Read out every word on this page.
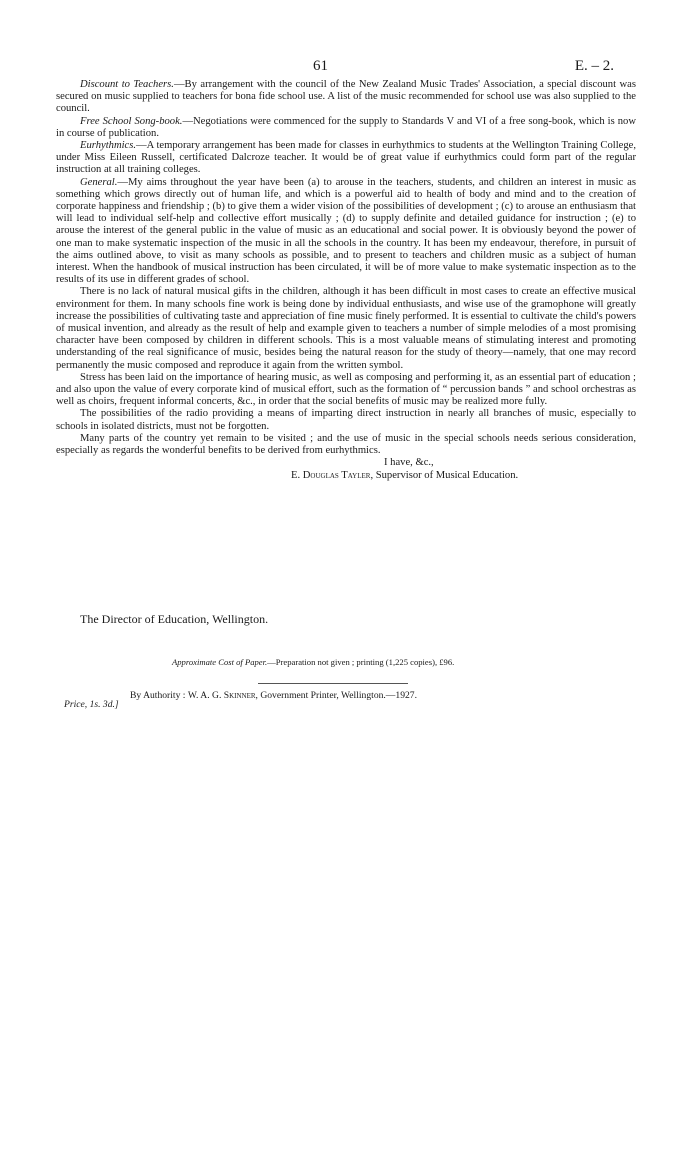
61	E. – 2.

Discount to Teachers.—By arrangement with the council of the New Zealand Music Trades' Association, a special discount was secured on music supplied to teachers for bona fide school use. A list of the music recommended for school use was also supplied to the council.

Free School Song-book.—Negotiations were commenced for the supply to Standards V and VI of a free song-book, which is now in course of publication.

Eurhythmics.—A temporary arrangement has been made for classes in eurhythmics to students at the Wellington Training College, under Miss Eileen Russell, certificated Dalcroze teacher. It would be of great value if eurhythmics could form part of the regular instruction at all training colleges.

General.—My aims throughout the year have been (a) to arouse in the teachers, students, and children an interest in music as something which grows directly out of human life, and which is a powerful aid to health of body and mind and to the creation of corporate happiness and friendship ; (b) to give them a wider vision of the possibilities of development ; (c) to arouse an enthusiasm that will lead to individual self-help and collective effort musically ; (d) to supply definite and detailed guidance for instruction ; (e) to arouse the interest of the general public in the value of music as an educational and social power. It is obviously beyond the power of one man to make systematic inspection of the music in all the schools in the country. It has been my endeavour, therefore, in pursuit of the aims outlined above, to visit as many schools as possible, and to present to teachers and children music as a subject of human interest. When the handbook of musical instruction has been circulated, it will be of more value to make systematic inspection as to the results of its use in different grades of school.

There is no lack of natural musical gifts in the children, although it has been difficult in most cases to create an effective musical environment for them. In many schools fine work is being done by individual enthusiasts, and wise use of the gramophone will greatly increase the possibilities of cultivating taste and appreciation of fine music finely performed. It is essential to cultivate the child's powers of musical invention, and already as the result of help and example given to teachers a number of simple melodies of a most promising character have been composed by children in different schools. This is a most valuable means of stimulating interest and promoting understanding of the real significance of music, besides being the natural reason for the study of theory—namely, that one may record permanently the music composed and reproduce it again from the written symbol.

Stress has been laid on the importance of hearing music, as well as composing and performing it, as an essential part of education ; and also upon the value of every corporate kind of musical effort, such as the formation of “ percussion bands ” and school orchestras as well as choirs, frequent informal concerts, &c., in order that the social benefits of music may be realized more fully.

The possibilities of the radio providing a means of imparting direct instruction in nearly all branches of music, especially to schools in isolated districts, must not be forgotten.

Many parts of the country yet remain to be visited ; and the use of music in the special schools needs serious consideration, especially as regards the wonderful benefits to be derived from eurhythmics.

I have, &c.,
E. Douglas Tayler, Supervisor of Musical Education.
The Director of Education, Wellington.
Approximate Cost of Paper.—Preparation not given ; printing (1,225 copies), £96.
By Authority : W. A. G. Skinner, Government Printer, Wellington.—1927.
Price, 1s. 3d.]
